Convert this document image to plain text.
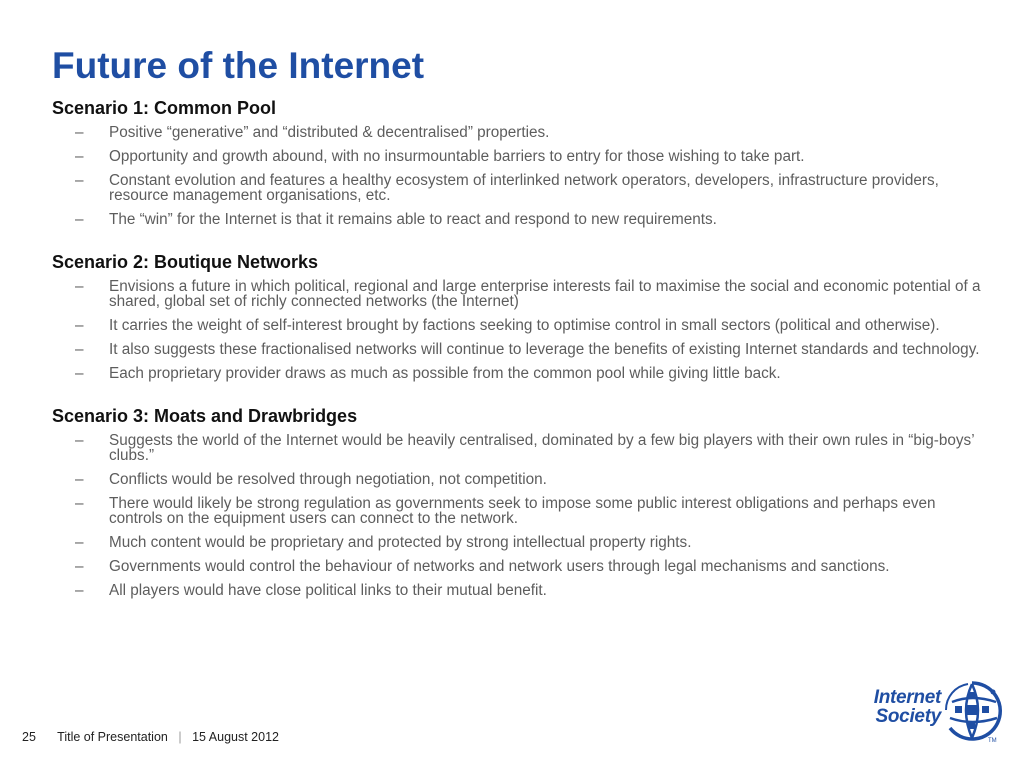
Future of the Internet
Scenario 1: Common Pool
– Positive “generative” and “distributed & decentralised” properties.
– Opportunity and growth abound, with no insurmountable barriers to entry for those wishing to take part.
– Constant evolution and features a healthy ecosystem of interlinked network operators, developers, infrastructure providers, resource management organisations, etc.
– The “win” for the Internet is that it remains able to react and respond to new requirements.
Scenario 2: Boutique Networks
– Envisions a future in which political, regional and large enterprise interests fail to maximise the social and economic potential of a shared, global set of richly connected networks (the Internet)
– It carries the weight of self-interest brought by factions seeking to optimise control in small sectors (political and otherwise).
– It also suggests these fractionalised networks will continue to leverage the benefits of existing Internet standards and technology.
– Each proprietary provider draws as much as possible from the common pool while giving little back.
Scenario 3: Moats and Drawbridges
– Suggests the world of the Internet would be heavily centralised, dominated by a few big players with their own rules in “big-boys’ clubs.”
– Conflicts would be resolved through negotiation, not competition.
– There would likely be strong regulation as governments seek to impose some public interest obligations and perhaps even controls on the equipment users can connect to the network.
– Much content would be proprietary and protected by strong intellectual property rights.
– Governments would control the behaviour of networks and network users through legal mechanisms and sanctions.
– All players would have close political links to their mutual benefit.
25 Title of Presentation | 15 August 2012
Internet
Society
TM
